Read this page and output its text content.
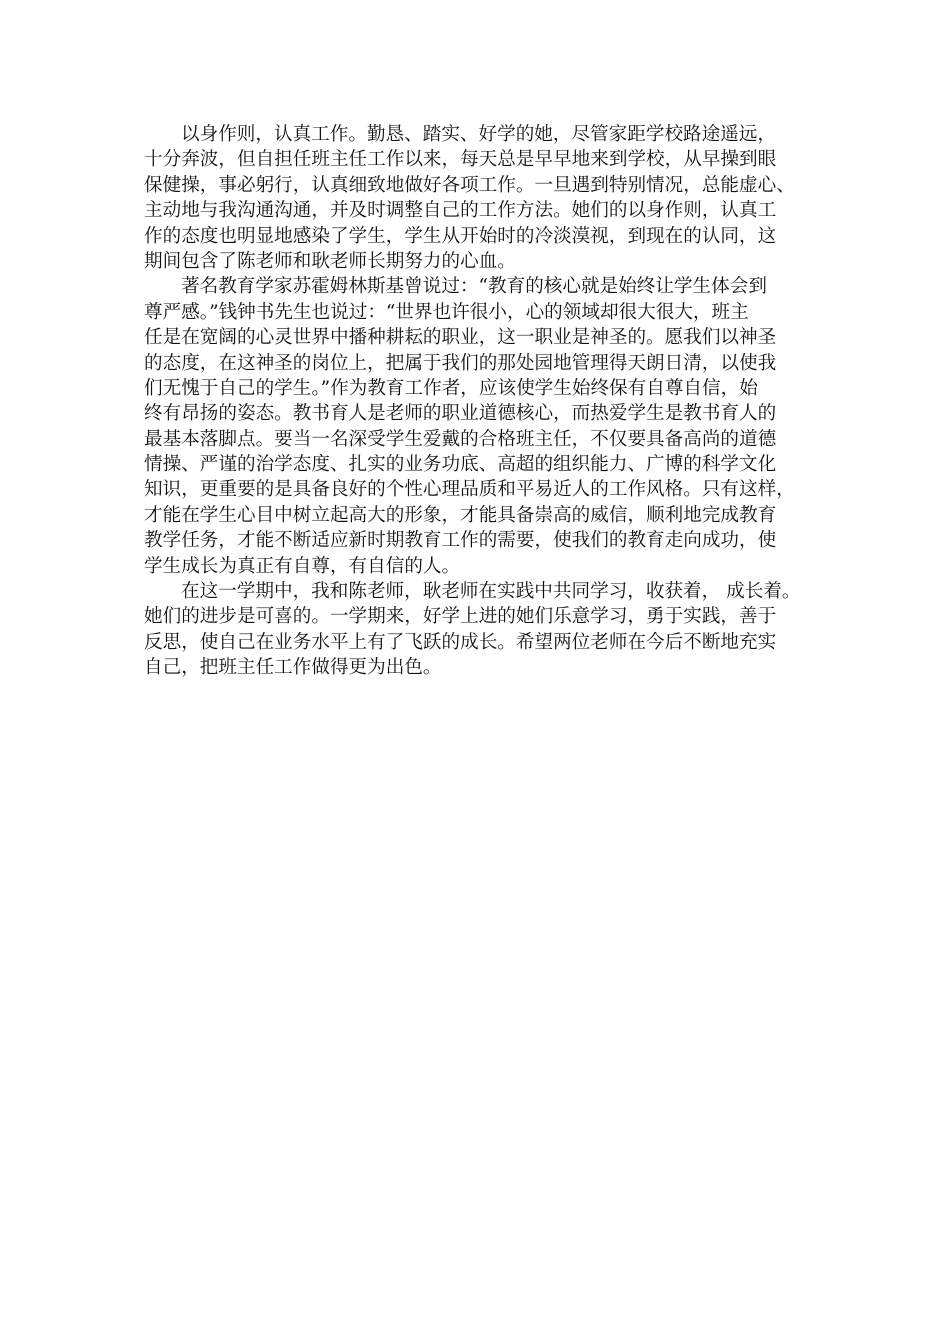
以身作则，认真工作。勤恳、踏实、好学的她，尽管家距学校路途遥远，
十分奔波，但自担任班主任工作以来，每天总是早早地来到学校，从早操到眼
保健操，事必躬行，认真细致地做好各项工作。一旦遇到特别情况，总能虚心、
主动地与我沟通沟通，并及时调整自己的工作方法。她们的以身作则，认真工
作的态度也明显地感染了学生，学生从开始时的冷淡漠视，到现在的认同，这
期间包含了陈老师和耿老师长期努力的心血。
著名教育学家苏霍姆林斯基曾说过：“教育的核心就是始终让学生体会到
尊严感。”钱钟书先生也说过：“世界也许很小，心的领域却很大很大，班主
任是在宽阔的心灵世界中播种耕耘的职业，这一职业是神圣的。愿我们以神圣
的态度，在这神圣的岗位上，把属于我们的那处园地管理得天朗日清，以使我
们无愧于自己的学生。”作为教育工作者，应该使学生始终保有自尊自信，始
终有昂扬的姿态。教书育人是老师的职业道德核心，而热爱学生是教书育人的
最基本落脚点。要当一名深受学生爱戴的合格班主任，不仅要具备高尚的道德
情操、严谨的治学态度、扎实的业务功底、高超的组织能力、广博的科学文化
知识，更重要的是具备良好的个性心理品质和平易近人的工作风格。只有这样，
才能在学生心目中树立起高大的形象，才能具备崇高的威信，顺利地完成教育
教学任务，才能不断适应新时期教育工作的需要，使我们的教育走向成功，使
学生成长为真正有自尊，有自信的人。
在这一学期中，我和陈老师，耿老师在实践中共同学习，收获着， 成长着。
她们的进步是可喜的。一学期来，好学上进的她们乐意学习，勇于实践，善于
反思，使自己在业务水平上有了飞跃的成长。希望两位老师在今后不断地充实
自己，把班主任工作做得更为出色。
